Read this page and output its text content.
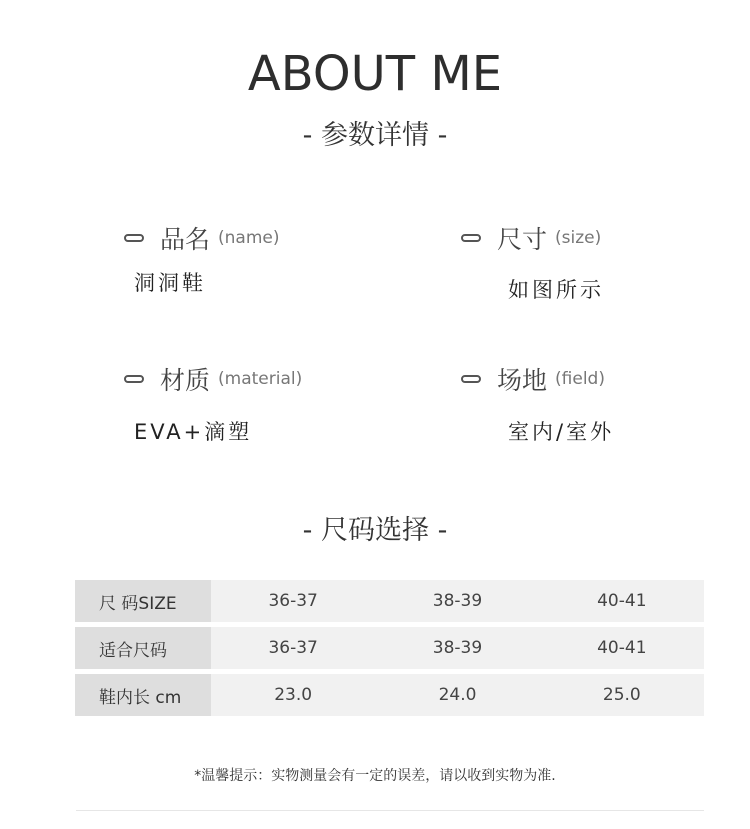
ABOUT ME
- 参数详情 -
品名 (name)
洞洞鞋
尺寸 (size)
如图所示
材质 (material)
EVA+滴塑
场地 (field)
室内/室外
- 尺码选择 -
尺 码SIZE	36-37	38-39	40-41
适合尺码	36-37	38-39	40-41
鞋内长 cm	23.0	24.0	25.0
*温馨提示：实物测量会有一定的误差，请以收到实物为准.
